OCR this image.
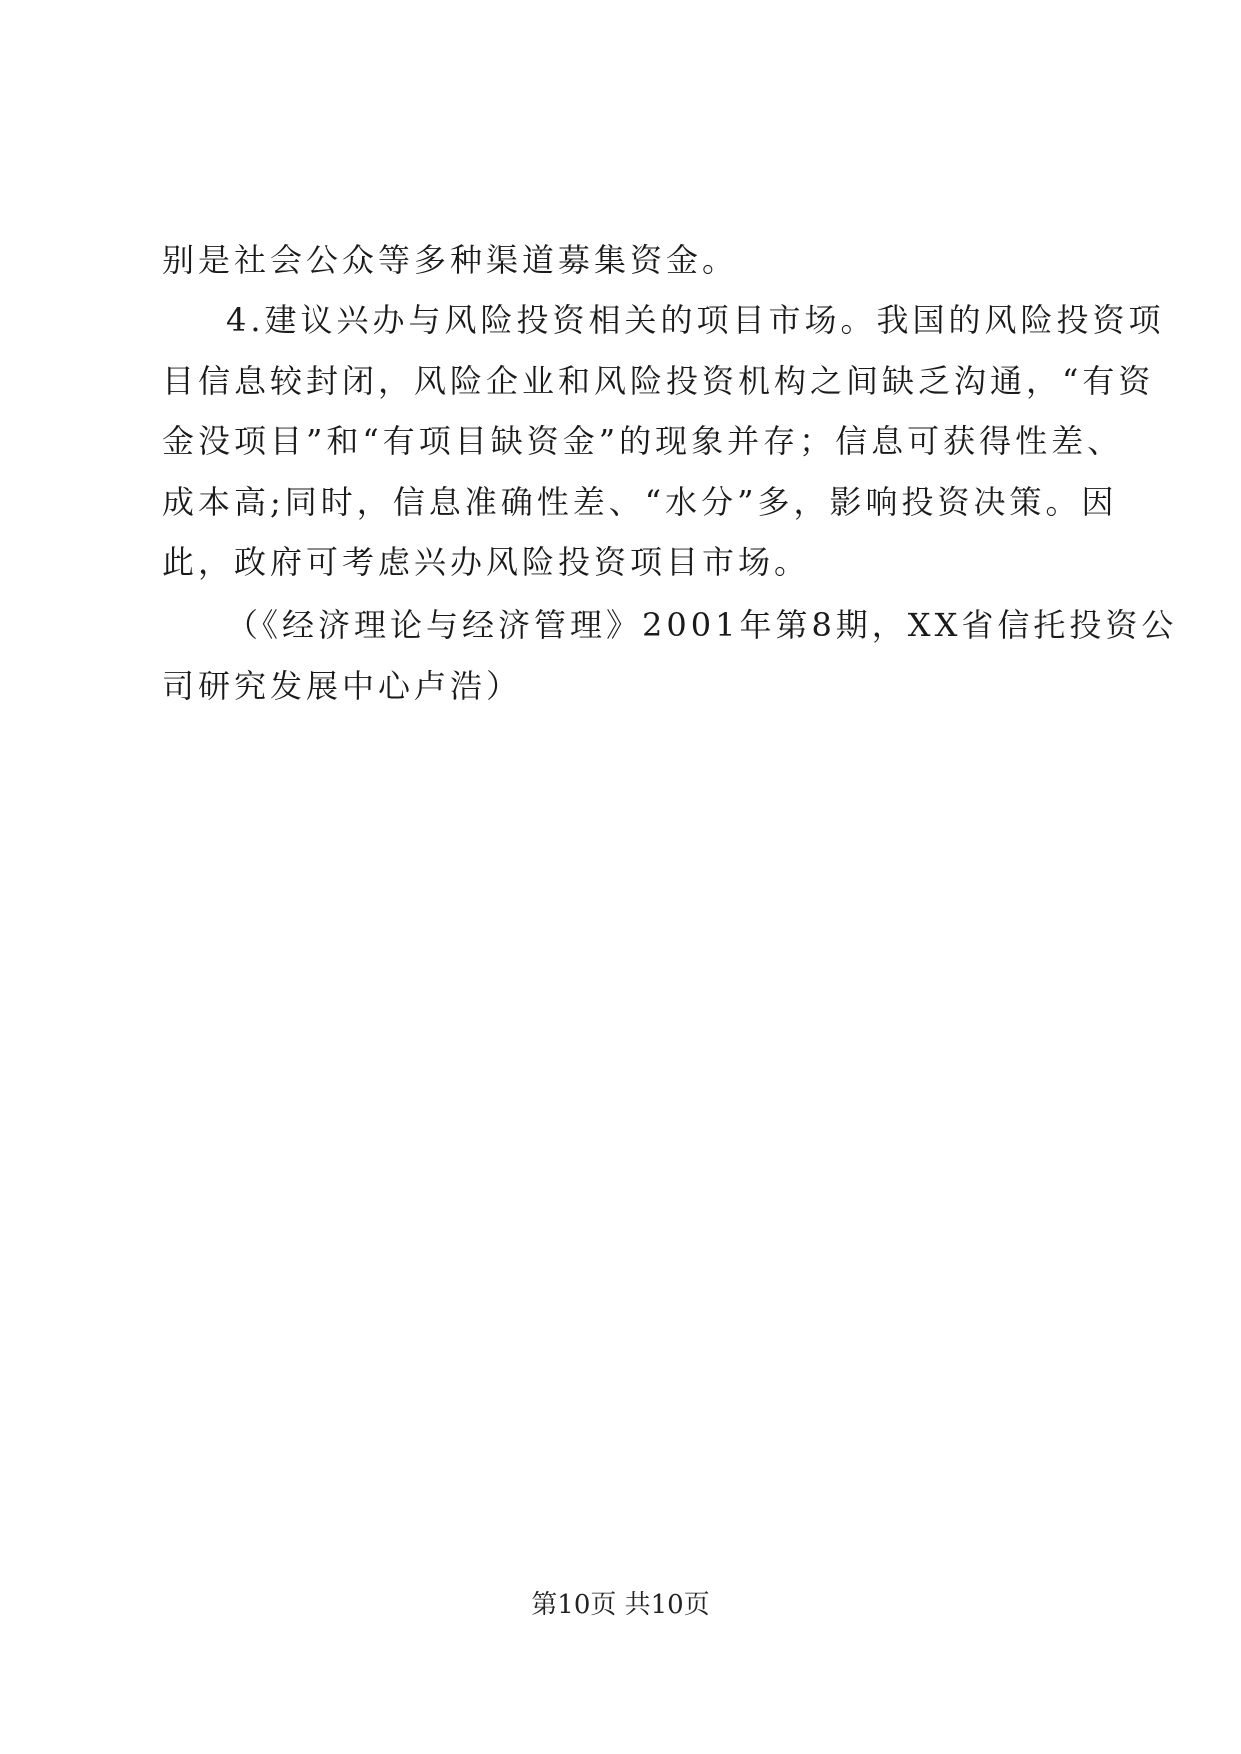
别是社会公众等多种渠道募集资金。
4.建议兴办与风险投资相关的项目市场。我国的风险投资项
目信息较封闭，风险企业和风险投资机构之间缺乏沟通，“有资
金没项目”和“有项目缺资金”的现象并存；信息可获得性差、
成本高;同时，信息准确性差、“水分”多，影响投资决策。因
此，政府可考虑兴办风险投资项目市场。
（《经济理论与经济管理》2001年第8期，XX省信托投资公
司研究发展中心卢浩）
第10页 共10页
